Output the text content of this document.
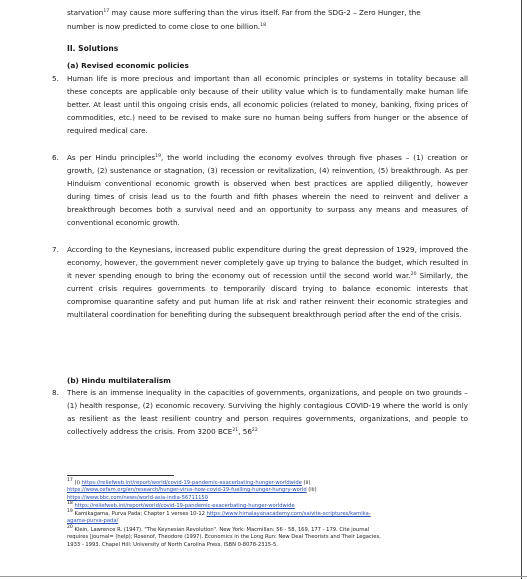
starvation$^{17}$ may cause more suffering than the virus itself. Far from the SDG-2 – Zero Hunger, the

number is now predicted to come close to one billion.$^{18}$

II. Solutions
(a) Revised economic policies
5. Human life is more precious and important than all economic principles or systems in totality because all these concepts are applicable only because of their utility value which is to fundamentally make human life better. At least until this ongoing crisis ends, all economic policies (related to money, banking, fixing prices of commodities, etc.) need to be revised to make sure no human being suffers from hunger or the absence of required medical care.

6. As per Hindu principles$^{19}$, the world including the economy evolves through five phases – (1) creation or growth, (2) sustenance or stagnation, (3) recession or revitalization, (4) reinvention, (5) breakthrough. As per Hinduism conventional economic growth is observed when best practices are applied diligently, however during times of crisis lead us to the fourth and fifth phases wherein the need to reinvent and deliver a breakthrough becomes both a survival need and an opportunity to surpass any means and measures of conventional economic growth.

7. According to the Keynesians, increased public expenditure during the great depression of 1929, improved the economy, however, the government never completely gave up trying to balance the budget, which resulted in it never spending enough to bring the economy out of recession until the second world war.$^{20}$ Similarly, the current crisis requires governments to temporarily discard trying to balance economic interests that compromise quarantine safety and put human life at risk and rather reinvent their economic strategies and multilateral coordination for benefiting during the subsequent breakthrough period after the end of the crisis.

(b) Hindu multilateralism
8. There is an immense inequality in the capacities of governments, organizations, and people on two grounds – (1) health response, (2) economic recovery. Surviving the highly contagious COVID-19 where the world is only as resilient as the least resilient country and person requires governments, organizations, and people to collectively address the crisis. From 3200 BCE$^{21}$, $56^{22}$

$^{17}$ (i) https://reliefweb.int/report/world/covid-19-pandemic-exacerbating-hunger-worldwide (ii)
https://www.oxfam.org/en/research/hunger-virus-how-covid-19-fuelling-hunger-hungry-world (iii)
https://www.bbc.com/news/world-asia-india-56711150
$^{18}$ https://reliefweb.int/report/world/covid-19-pandemic-exacerbating-hunger-worldwide
$^{19}$ Kamikagama, Purva Pada; Chapter 1 verses 10-12 https://www.himalayanacademy.com/saivite-scriptures/kamika-
agama-purva-pada/
$^{20}$ Klein, Lawrence R. (1947). "The Keynesian Revolution". New York: Macmillan: 56 - 58, 169, 177 - 179. Cite journal
requires |journal= (help); Rosenof, Theodore (1997). Economics in the Long Run: New Deal Theorists and Their Legacies,
1933 - 1993. Chapel Hill: University of North Carolina Press. ISBN 0-8078-2315-5.
